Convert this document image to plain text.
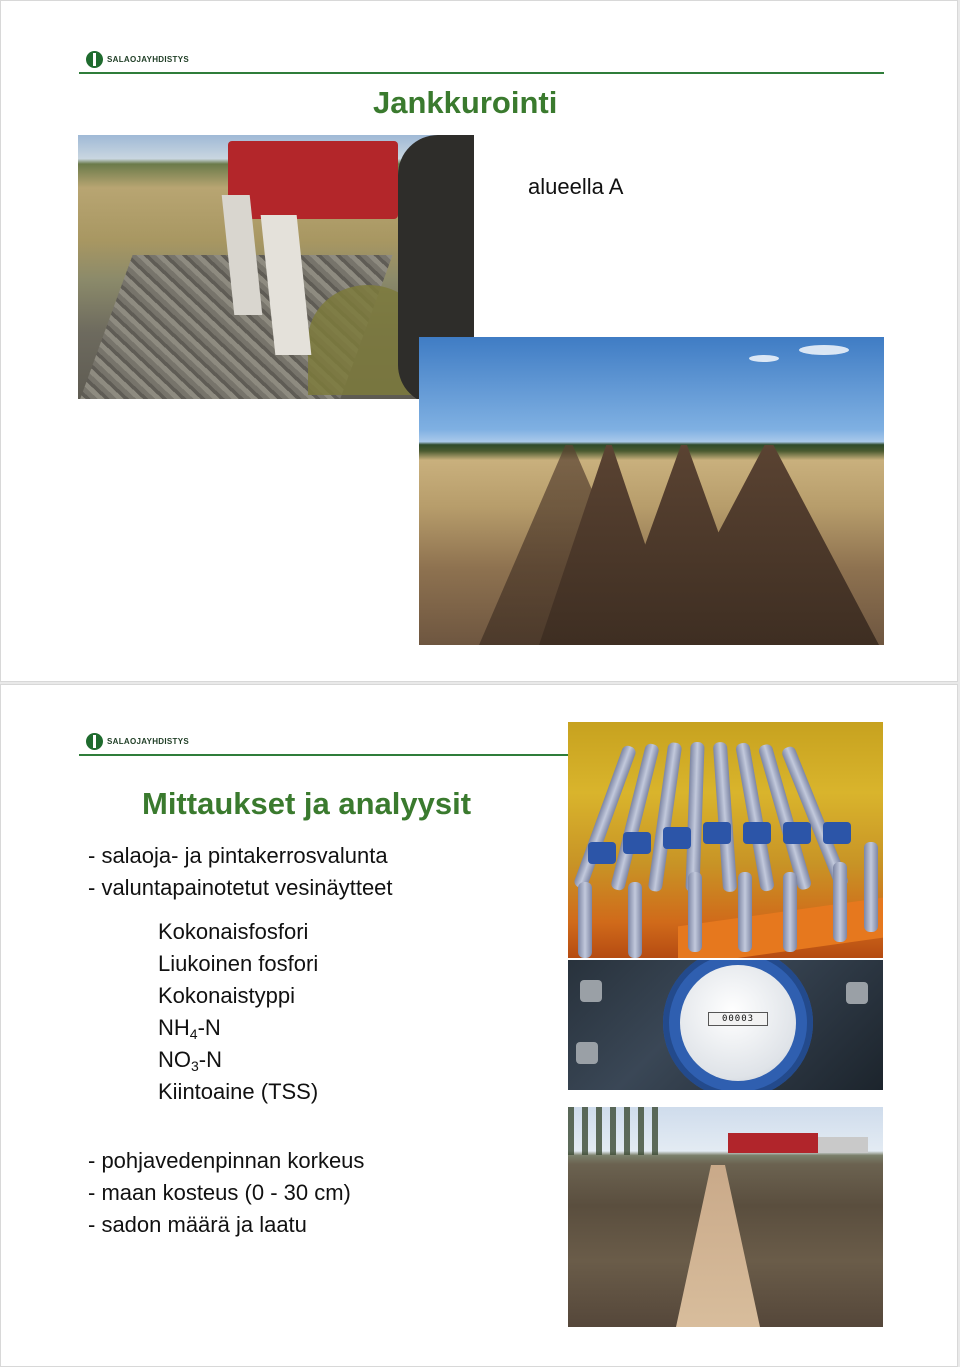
SALAOJAYHDISTYS
Jankkurointi
alueella A
SALAOJAYHDISTYS
Mittaukset ja analyysit
- salaoja- ja pintakerrosvalunta
- valuntapainotetut vesinäytteet
Kokonaisfosfori
Liukoinen fosfori
Kokonaistyppi
$NH_4-N$
$NO_3-N$
Kiintoaine (TSS)
- pohjavedenpinnan korkeus
- maan kosteus (0 - 30 cm)
- sadon määrä ja laatu
00003
